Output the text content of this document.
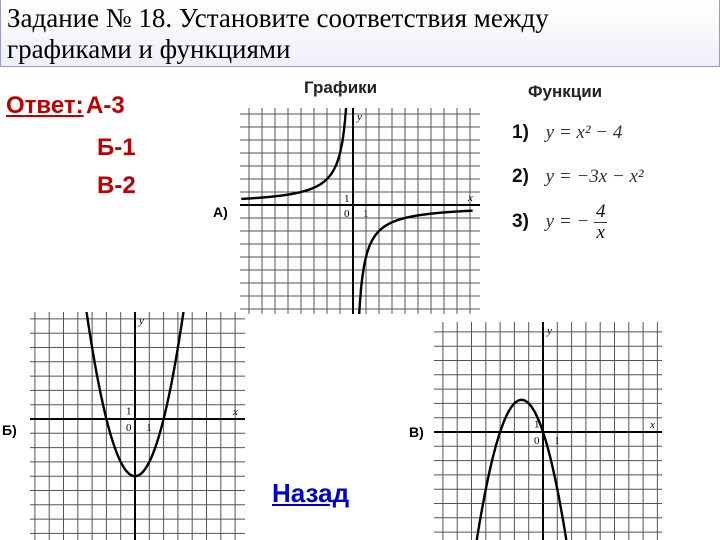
Задание № 18. Установите соответствия между
графиками и функциями
Ответ: А-3
Б-1
В-2
Графики	Функции
1) y = x² − 4
2) y = −3x − x²
3) y = − $\frac{4}{x}$
А)
y
x
0 1
1
Б)
y
x
0 1
1
В)
y
x
0 1
1
Назад
